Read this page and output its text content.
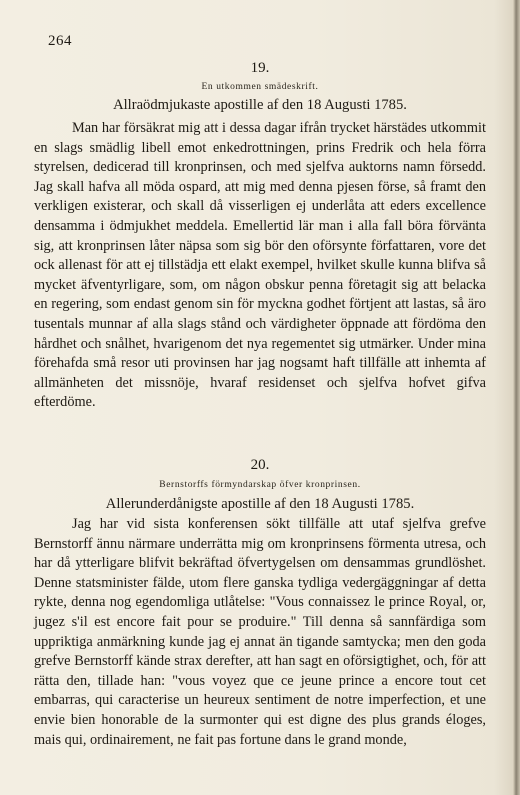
264
19.
En utkommen smädeskrift.
Allraödmjukaste apostille af den 18 Augusti 1785.

Man har försäkrat mig att i dessa dagar ifrån trycket härstädes utkommit en slags smädlig libell emot enkedrottningen, prins Fredrik och hela förra styrelsen, dedicerad till kronprinsen, och med sjelfva auktorns namn försedd. Jag skall hafva all möda ospard, att mig med denna pjesen förse, så framt den verkligen existerar, och skall då visserligen ej underlåta att eders excellence densamma i ödmjukhet meddela. Emellertid lär man i alla fall böra förvänta sig, att kronprinsen låter näpsa som sig bör den oförsynte författaren, vore det ock allenast för att ej tillstädja ett elakt exempel, hvilket skulle kunna blifva så mycket äfventyrligare, som, om någon obskur penna företagit sig att belacka en regering, som endast genom sin för myckna godhet förtjent att lastas, så äro tusentals munnar af alla slags stånd och värdigheter öppnade att fördöma den hårdhet och snålhet, hvarigenom det nya regementet sig utmärker. Under mina förehafda små resor uti provinsen har jag nogsamt haft tillfälle att inhemta af allmänheten det missnöje, hvaraf residenset och sjelfva hofvet gifva efterdöme.

20.
Bernstorffs förmyndarskap öfver kronprinsen.
Allerunderdånigste apostille af den 18 Augusti 1785.

Jag har vid sista konferensen sökt tillfälle att utaf sjelfva grefve Bernstorff ännu närmare underrätta mig om kronprinsens förmenta utresa, och har då ytterligare blifvit bekräftad öfvertygelsen om densammas grundlöshet. Denne statsminister fälde, utom flere ganska tydliga vedergäggningar af detta rykte, denna nog egendomliga utlåtelse: "Vous connaissez le prince Royal, or, jugez s'il est encore fait pour se produire." Till denna så sannfärdiga som uppriktiga anmärkning kunde jag ej annat än tigande samtycka; men den goda grefve Bernstorff kände strax derefter, att han sagt en oförsigtighet, och, för att rätta den, tillade han: "vous voyez que ce jeune prince a encore tout cet embarras, qui caracterise un heureux sentiment de notre imperfection, et une envie bien honorable de la surmonter qui est digne des plus grands éloges, mais qui, ordinairement, ne fait pas fortune dans le grand monde,
